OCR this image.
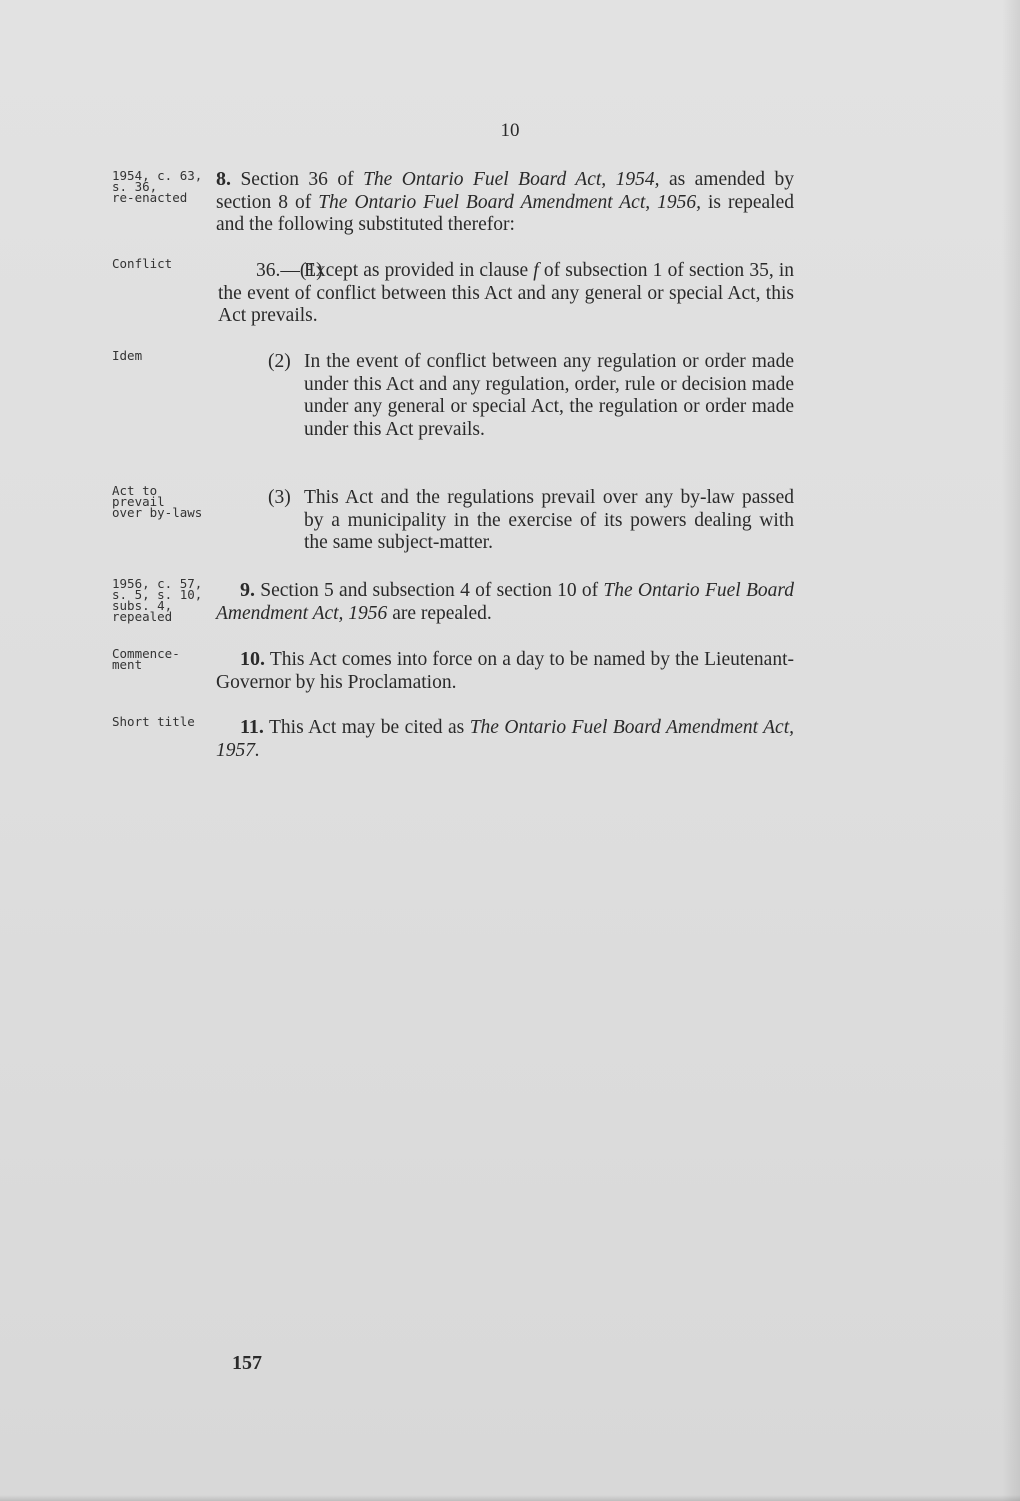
10
1954, c. 63,
s. 36,
re-enacted
8. Section 36 of The Ontario Fuel Board Act, 1954, as amended by section 8 of The Ontario Fuel Board Amendment Act, 1956, is repealed and the following substituted therefor:
Conflict	36.—(1)
Except as provided in clause f of subsection 1 of section 35, in the event of conflict between this Act and any general or special Act, this Act prevails.
Idem	(2) In the event of conflict between any regulation or order made under this Act and any regulation, order, rule or decision made under any general or special Act, the regulation or order made under this Act prevails.
Act to
prevail
over by-laws
(3) This Act and the regulations prevail over any by-law passed by a municipality in the exercise of its powers dealing with the same subject-matter.
1956, c. 57,
s. 5, s. 10,
subs. 4,
repealed
9. Section 5 and subsection 4 of section 10 of The Ontario Fuel Board Amendment Act, 1956 are repealed.
Commence-
ment	10. This Act comes into force on a day to be named by the Lieutenant-Governor by his Proclamation.
Short title	11. This Act may be cited as The Ontario Fuel Board Amendment Act, 1957.
157
